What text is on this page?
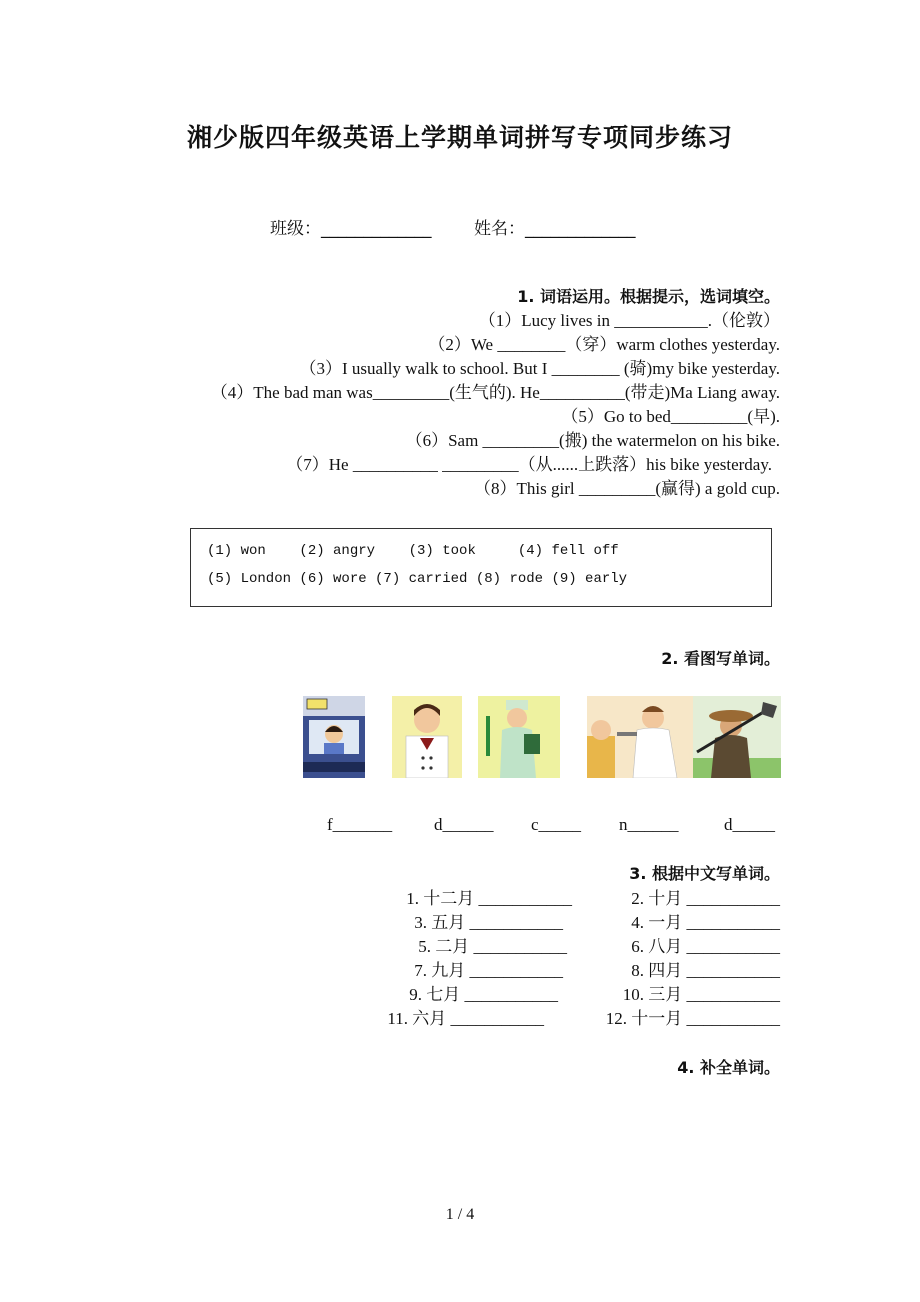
湘少版四年级英语上学期单词拼写专项同步练习
班级：_____________	姓名：_____________
1. 词语运用。根据提示，选词填空。
（1）Lucy lives in ___________.（伦敦）
（2）We ________（穿）warm clothes yesterday.
（3）I usually walk to school. But I ________ (骑)my bike yesterday.
（4）The bad man was_________(生气的). He__________(带走)Ma Liang away.
（5）Go to bed_________(早).
（6）Sam _________(搬) the watermelon on his bike.
（7）He __________ _________（从......上跌落）his bike yesterday.
（8）This girl _________(赢得) a gold cup.
(1) won    (2) angry    (3) took     (4) fell off
(5) London (6) wore (7) carried (8) rode (9) early
2. 看图写单词。
f_______ d______ c_____ n______	d_____
3. 根据中文写单词。
1. 十二月 ___________	2. 十月 ___________
3. 五月 ___________	4. 一月 ___________
5. 二月 ___________	6. 八月 ___________
7. 九月 ___________	8. 四月 ___________
9. 七月 ___________	10. 三月 ___________
11. 六月 ___________	12. 十一月 ___________
4. 补全单词。
1 / 4
